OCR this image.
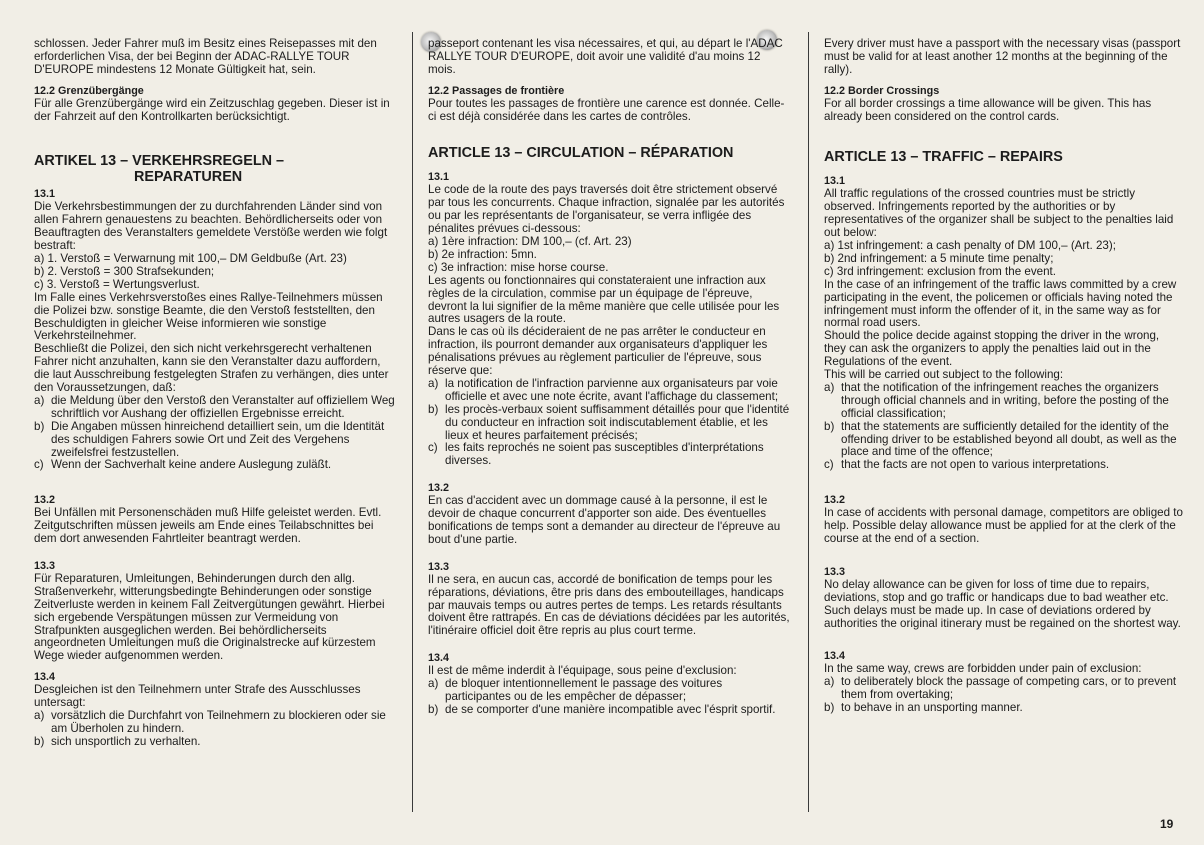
schlossen. Jeder Fahrer muß im Besitz eines Reisepasses mit den erforderlichen Visa, der bei Beginn der ADAC-RALLYE TOUR D'EUROPE mindestens 12 Monate Gültigkeit hat, sein.

12.2 Grenzübergänge

Für alle Grenzübergänge wird ein Zeitzuschlag gegeben. Dieser ist in der Fahrzeit auf den Kontrollkarten berücksichtigt.

ARTIKEL 13 – VERKEHRSREGELN –
REPARATUREN

13.1

Die Verkehrsbestimmungen der zu durchfahrenden Länder sind von allen Fahrern genauestens zu beachten. Behördlicherseits oder von Beauftragten des Veranstalters gemeldete Verstöße werden wie folgt bestraft:

a) 1. Verstoß = Verwarnung mit 100,– DM Geldbuße (Art. 23)

b) 2. Verstoß = 300 Strafsekunden;

c) 3. Verstoß = Wertungsverlust.

Im Falle eines Verkehrsverstoßes eines Rallye-Teilnehmers müssen die Polizei bzw. sonstige Beamte, die den Verstoß feststellten, den Beschuldigten in gleicher Weise informieren wie sonstige Verkehrsteilnehmer.

Beschließt die Polizei, den sich nicht verkehrsgerecht verhaltenen Fahrer nicht anzuhalten, kann sie den Veranstalter dazu auffordern, die laut Ausschreibung festgelegten Strafen zu verhängen, dies unter den Voraussetzungen, daß:

a) die Meldung über den Verstoß den Veranstalter auf offiziellem Weg schriftlich vor Aushang der offiziellen Ergebnisse erreicht.
b) Die Angaben müssen hinreichend detailliert sein, um die Identität des schuldigen Fahrers sowie Ort und Zeit des Vergehens zweifelsfrei festzustellen.
c) Wenn der Sachverhalt keine andere Auslegung zuläßt.

13.2

Bei Unfällen mit Personenschäden muß Hilfe geleistet werden. Evtl. Zeitgutschriften müssen jeweils am Ende eines Teilabschnittes bei dem dort anwesenden Fahrtleiter beantragt werden.

13.3

Für Reparaturen, Umleitungen, Behinderungen durch den allg. Straßenverkehr, witterungsbedingte Behinderungen oder sonstige Zeitverluste werden in keinem Fall Zeitvergütungen gewährt. Hierbei sich ergebende Verspätungen müssen zur Vermeidung von Strafpunkten ausgeglichen werden. Bei behördlicherseits angeordneten Umleitungen muß die Originalstrecke auf kürzestem Wege wieder aufgenommen werden.

13.4

Desgleichen ist den Teilnehmern unter Strafe des Ausschlusses untersagt:

a) vorsätzlich die Durchfahrt von Teilnehmern zu blockieren oder sie am Überholen zu hindern.
b) sich unsportlich zu verhalten.

passeport contenant les visa nécessaires, et qui, au départ le l'ADAC RALLYE TOUR D'EUROPE, doit avoir une validité d'au moins 12 mois.

12.2 Passages de frontière

Pour toutes les passages de frontière une carence est donnée. Celle-ci est déjà considérée dans les cartes de contrôles.

ARTICLE 13 – CIRCULATION – RÉPARATION

13.1

Le code de la route des pays traversés doit être strictement observé par tous les concurrents. Chaque infraction, signalée par les autorités ou par les représentants de l'organisateur, se verra infligée des pénalites prévues ci-dessous:

a) 1ère infraction: DM 100,– (cf. Art. 23)

b) 2e infraction: 5mn.

c) 3e infraction: mise horse course.

Les agents ou fonctionnaires qui constateraient une infraction aux règles de la circulation, commise par un équipage de l'épreuve, devront la lui signifier de la même manière que celle utilisée pour les autres usagers de la route.

Dans le cas où ils décideraient de ne pas arrêter le conducteur en infraction, ils pourront demander aux organisateurs d'appliquer les pénalisations prévues au règlement particulier de l'épreuve, sous réserve que:

a) la notification de l'infraction parvienne aux organisateurs par voie officielle et avec une note écrite, avant l'affichage du classement;
b) les procès-verbaux soient suffisamment détaillés pour que l'identité du conducteur en infraction soit indiscutablement établie, et les lieux et heures parfaitement précisés;
c) les faits reprochés ne soient pas susceptibles d'interprétations diverses.

13.2

En cas d'accident avec un dommage causé à la personne, il est le devoir de chaque concurrent d'apporter son aide. Des éventuelles bonifications de temps sont a demander au directeur de l'épreuve au bout d'une partie.

13.3

Il ne sera, en aucun cas, accordé de bonification de temps pour les réparations, déviations, être pris dans des embouteillages, handicaps par mauvais temps ou autres pertes de temps. Les retards résultants doivent être rattrapés. En cas de déviations décidées par les autorités, l'itinéraire officiel doit être repris au plus court terme.

13.4

Il est de même inderdit à l'équipage, sous peine d'exclusion:

a) de bloquer intentionnellement le passage des voitures participantes ou de les empêcher de dépasser;
b) de se comporter d'une manière incompatible avec l'ésprit sportif.

Every driver must have a passport with the necessary visas (passport must be valid for at least another 12 months at the beginning of the rally).

12.2 Border Crossings

For all border crossings a time allowance will be given. This has already been considered on the control cards.

ARTICLE 13 – TRAFFIC – REPAIRS

13.1

All traffic regulations of the crossed countries must be strictly observed. Infringements reported by the authorities or by representatives of the organizer shall be subject to the penalties laid out below:

a) 1st infringement: a cash penalty of DM 100,– (Art. 23);

b) 2nd infringement: a 5 minute time penalty;

c) 3rd infringement: exclusion from the event.

In the case of an infringement of the traffic laws committed by a crew participating in the event, the policemen or officials having noted the infringement must inform the offender of it, in the same way as for normal road users.

Should the police decide against stopping the driver in the wrong, they can ask the organizers to apply the penalties laid out in the Regulations of the event.

This will be carried out subject to the following:

a) that the notification of the infringement reaches the organizers through official channels and in writing, before the posting of the official classification;
b) that the statements are sufficiently detailed for the identity of the offending driver to be established beyond all doubt, as well as the place and time of the offence;
c) that the facts are not open to various interpretations.

13.2

In case of accidents with personal damage, competitors are obliged to help. Possible delay allowance must be applied for at the clerk of the course at the end of a section.

13.3

No delay allowance can be given for loss of time due to repairs, deviations, stop and go traffic or handicaps due to bad weather etc. Such delays must be made up. In case of deviations ordered by authorities the original itinerary must be regained on the shortest way.

13.4

In the same way, crews are forbidden under pain of exclusion:

a) to deliberately block the passage of competing cars, or to prevent them from overtaking;
b) to behave in an unsporting manner.
19
